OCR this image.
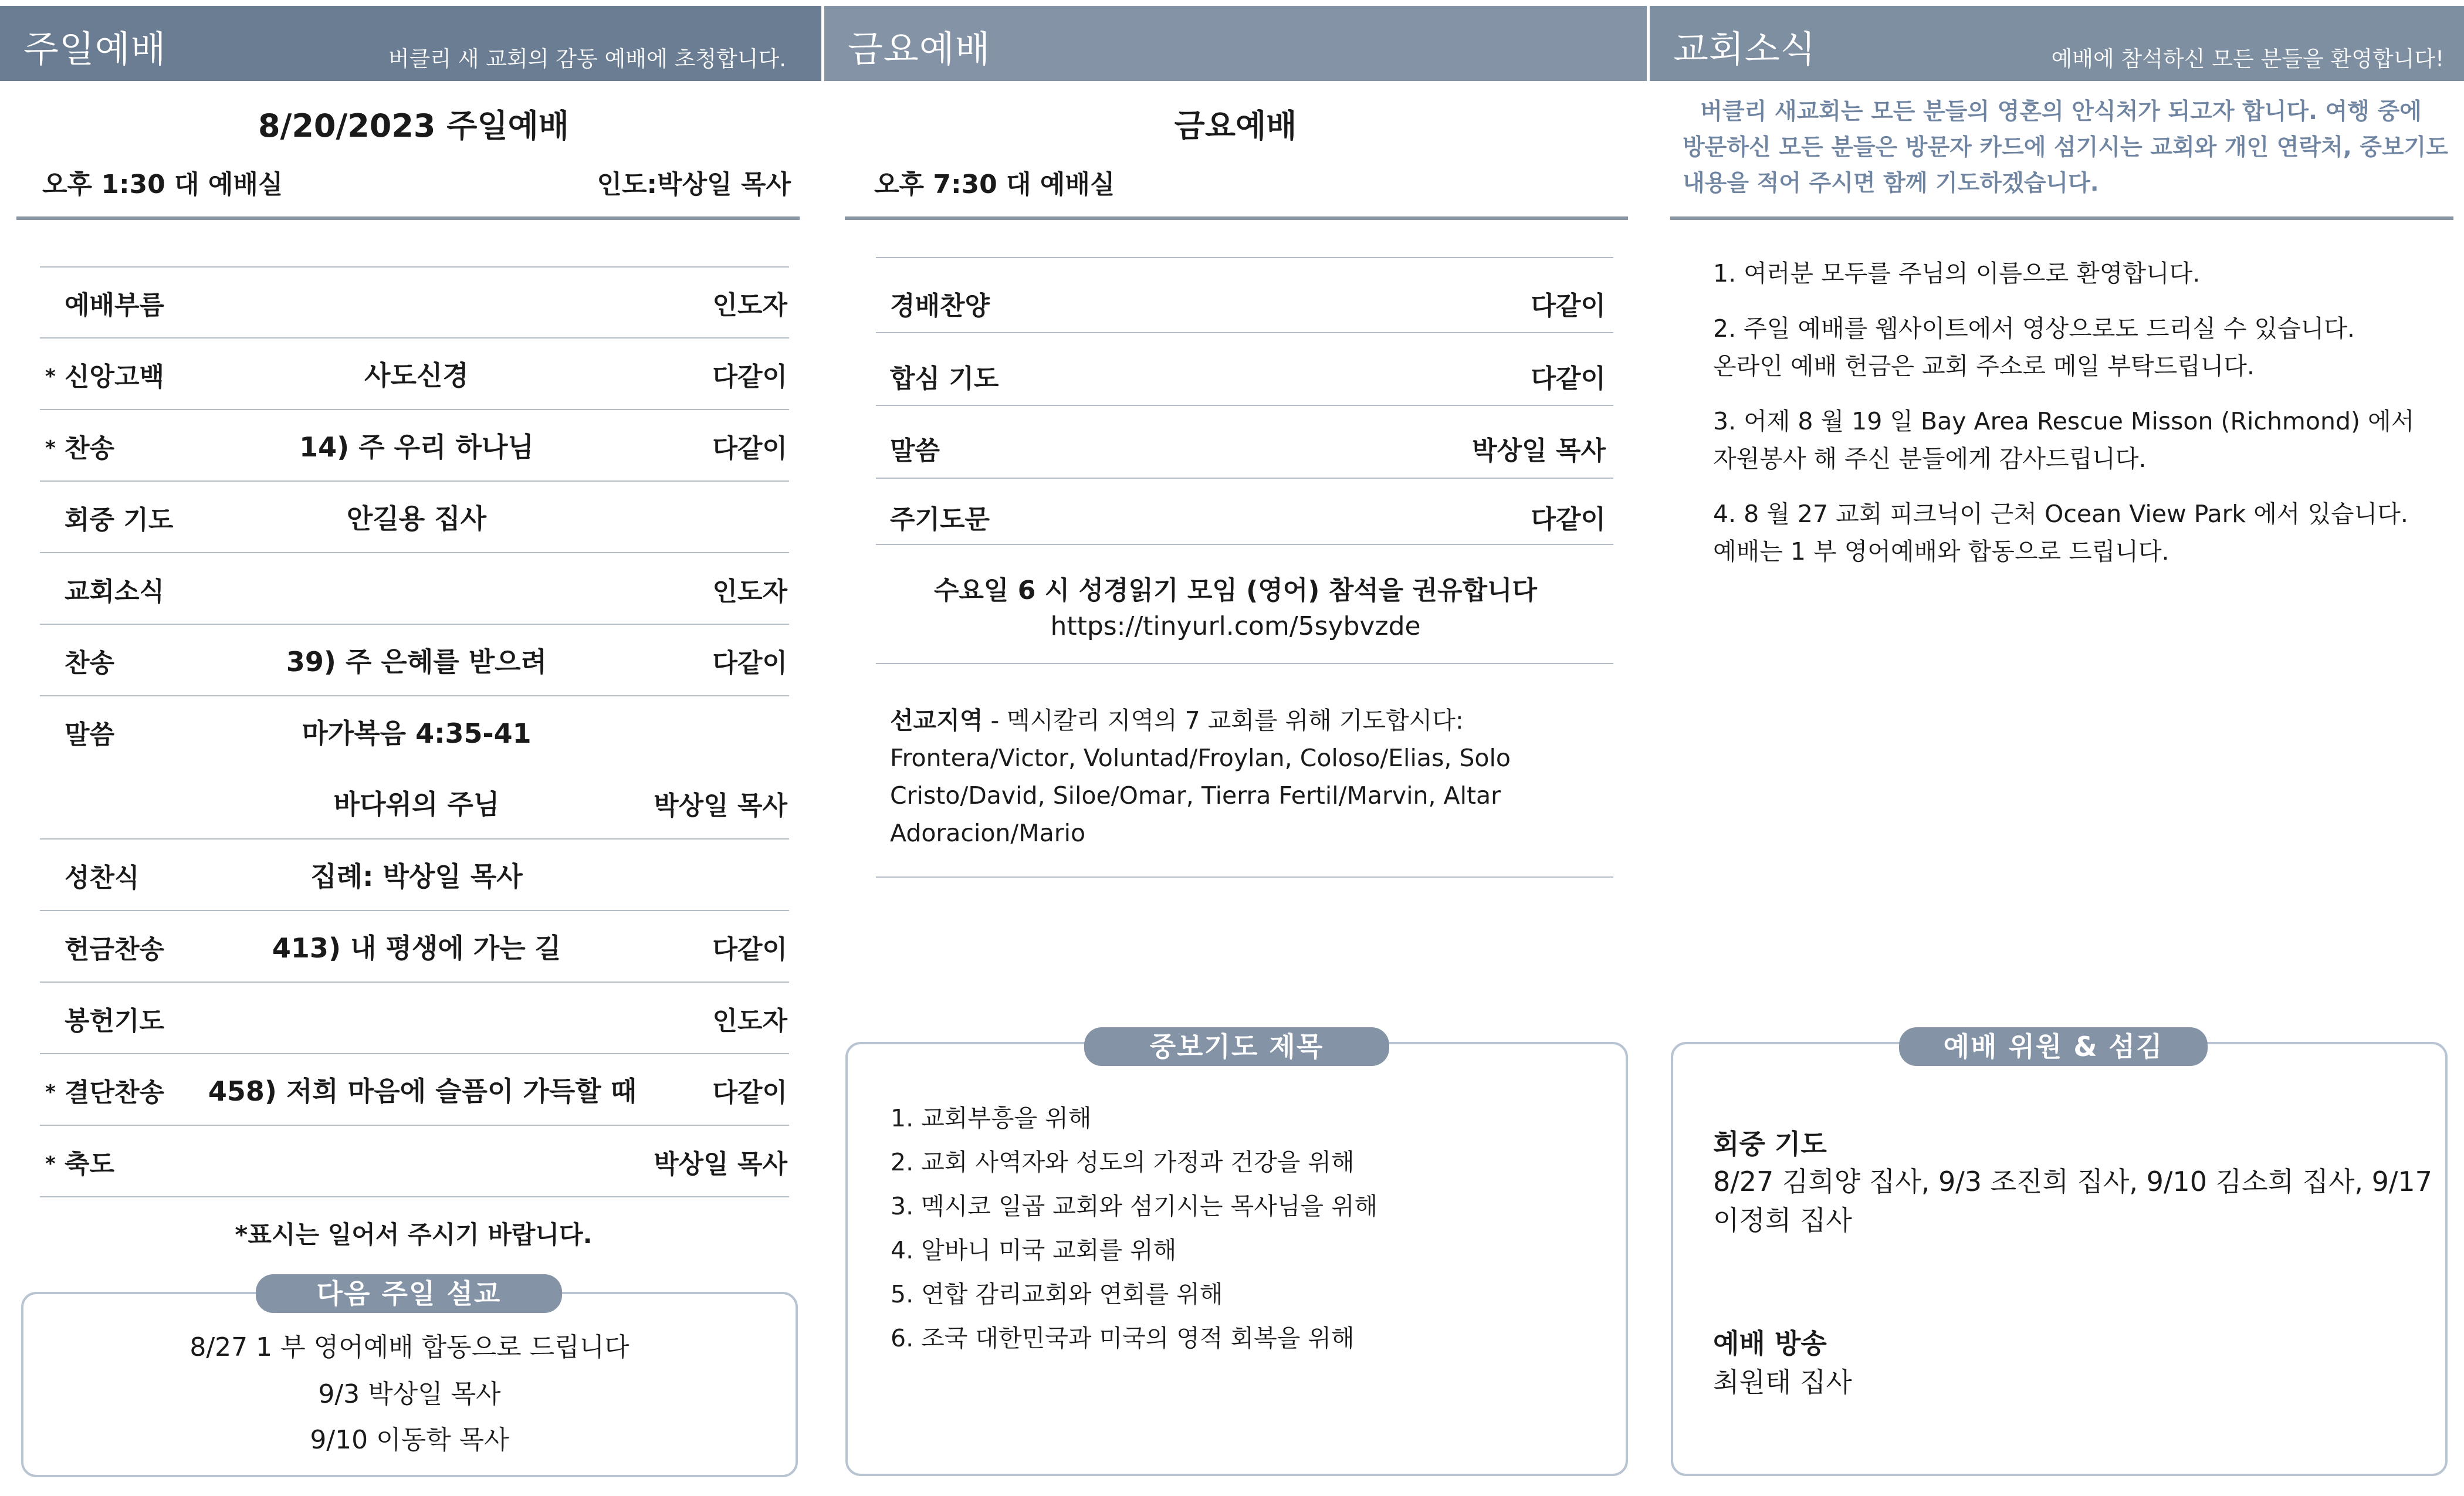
주일예배	버클리 새 교회의 감동 예배에 초청합니다.
8/20/2023 주일예배
오후 1:30 대 예배실	인도:박상일 목사
예배부름	인도자
* 신앙고백	사도신경	다같이
* 찬송	14) 주 우리 하나님	다같이
회중 기도	안길용 집사
교회소식	인도자
찬송	39) 주 은혜를 받으려	다같이
말씀	마가복음 4:35-41
바다위의 주님	박상일 목사
성찬식	집례: 박상일 목사
헌금찬송	413) 내 평생에 가는 길	다같이
봉헌기도	인도자
* 결단찬송	458) 저희 마음에 슬픔이 가득할 때	다같이
* 축도	박상일 목사
*표시는 일어서 주시기 바랍니다.
다음 주일 설교
8/27 1 부 영어예배 합동으로 드립니다
9/3 박상일 목사
9/10 이동학 목사
금요예배
금요예배
오후 7:30 대 예배실
경배찬양	다같이
합심 기도	다같이
말씀	박상일 목사
주기도문	다같이
수요일 6 시 성경읽기 모임 (영어) 참석을 권유합니다
https://tinyurl.com/5sybvzde
선교지역 - 멕시칼리 지역의 7 교회를 위해 기도합시다:
Frontera/Victor, Voluntad/Froylan, Coloso/Elias, Solo
Cristo/David, Siloe/Omar, Tierra Fertil/Marvin, Altar
Adoracion/Mario
중보기도 제목
1. 교회부흥을 위해
2. 교회 사역자와 성도의 가정과 건강을 위해
3. 멕시코 일곱 교회와 섬기시는 목사님을 위해
4. 알바니 미국 교회를 위해
5. 연합 감리교회와 연회를 위해
6. 조국 대한민국과 미국의 영적 회복을 위해
교회소식	예배에 참석하신 모든 분들을 환영합니다!
버클리 새교회는 모든 분들의 영혼의 안식처가 되고자 합니다. 여행 중에
방문하신 모든 분들은 방문자 카드에 섬기시는 교회와 개인 연락처, 중보기도
내용을 적어 주시면 함께 기도하겠습니다.
1. 여러분 모두를 주님의 이름으로 환영합니다.
2. 주일 예배를 웹사이트에서 영상으로도 드리실 수 있습니다.
온라인 예배 헌금은 교회 주소로 메일 부탁드립니다.
3. 어제 8 월 19 일 Bay Area Rescue Misson (Richmond) 에서
자원봉사 해 주신 분들에게 감사드립니다.
4. 8 월 27 교회 피크닉이 근처 Ocean View Park 에서 있습니다.
예배는 1 부 영어예배와 합동으로 드립니다.
예배 위원 & 섬김
회중 기도
8/27 김희양 집사, 9/3 조진희 집사, 9/10 김소희 집사, 9/17
이정희 집사
예배 방송
최원태 집사
